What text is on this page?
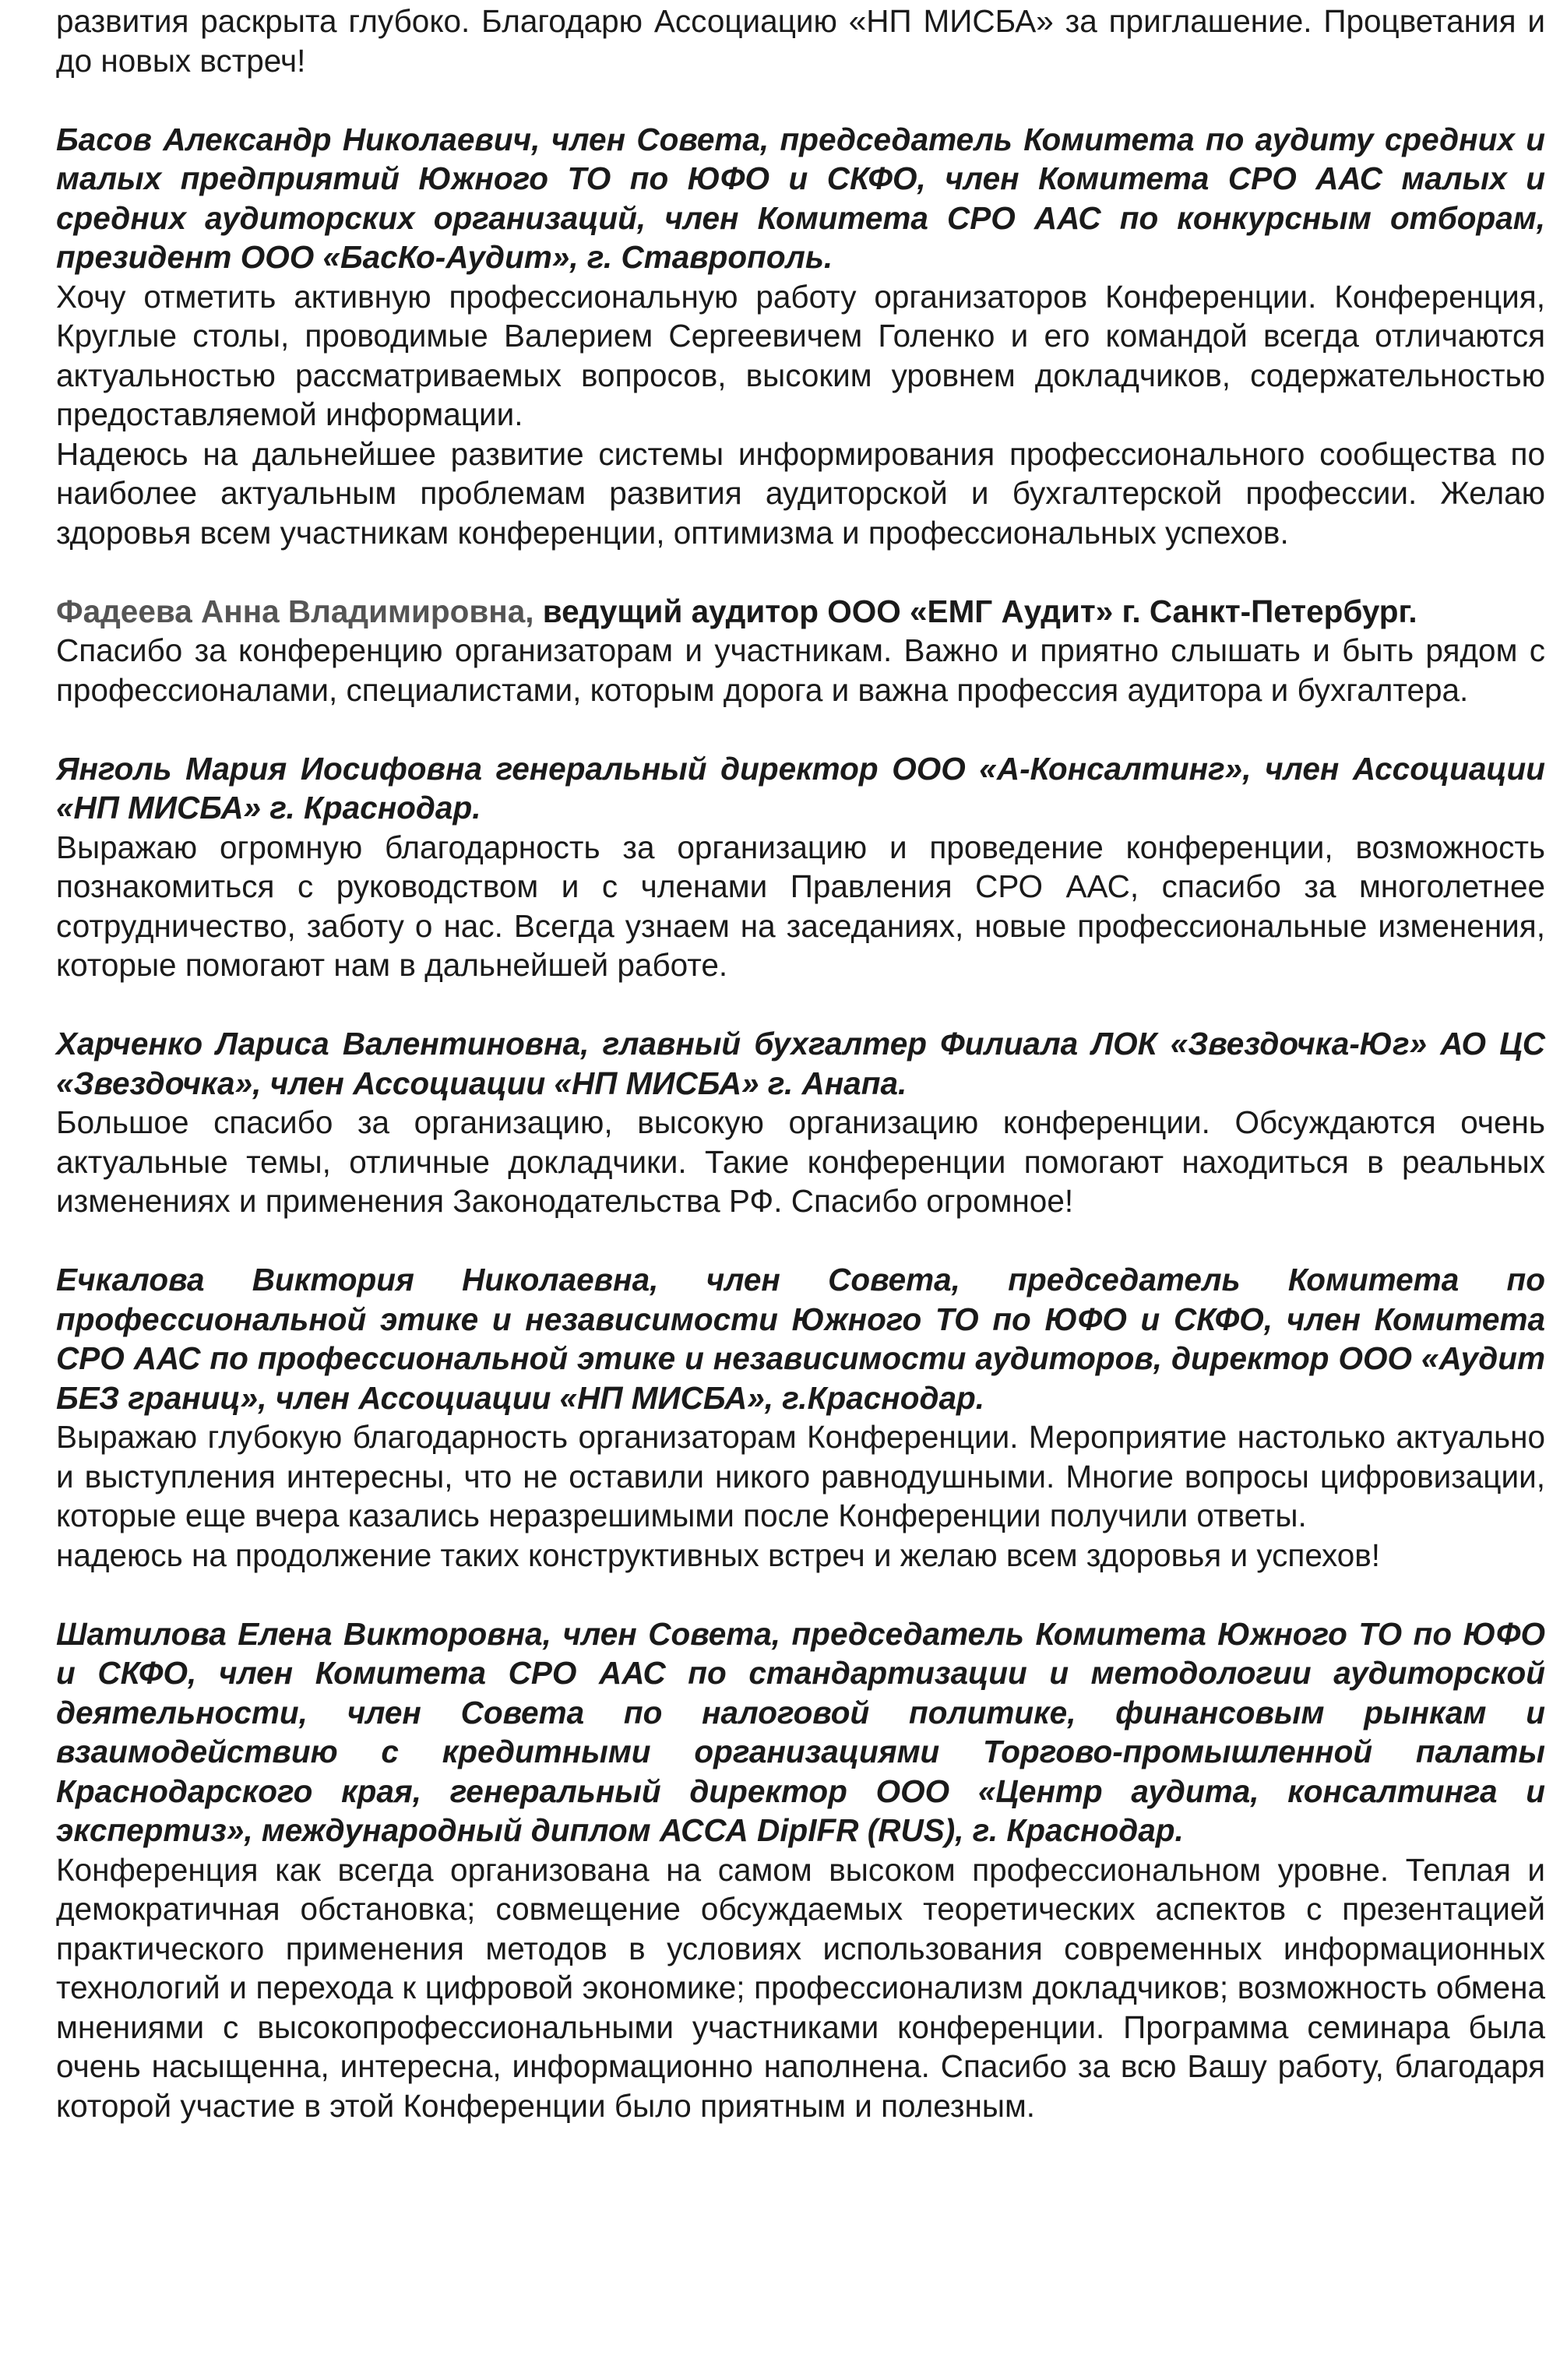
развития раскрыта глубоко. Благодарю Ассоциацию «НП МИСБА» за приглашение. Процветания и до новых встреч!

Басов Александр Николаевич, член Совета, председатель Комитета по аудиту средних и малых предприятий Южного ТО по ЮФО и СКФО, член Комитета СРО ААС малых и средних аудиторских организаций, член Комитета СРО ААС по конкурсным отборам, президент ООО «БасКо-Аудит», г. Ставрополь.

Хочу отметить активную профессиональную работу организаторов Конференции. Конференция, Круглые столы, проводимые Валерием Сергеевичем Голенко и его командой всегда отличаются актуальностью рассматриваемых вопросов, высоким уровнем докладчиков, содержательностью предоставляемой информации.

Надеюсь на дальнейшее развитие системы информирования профессионального сообщества по наиболее актуальным проблемам развития аудиторской и бухгалтерской профессии. Желаю здоровья всем участникам конференции, оптимизма и профессиональных успехов.

Фадеева Анна Владимировна, ведущий аудитор ООО «ЕМГ Аудит» г. Санкт-Петербург.

Спасибо за конференцию организаторам и участникам. Важно и приятно слышать и быть рядом с профессионалами, специалистами, которым дорога и важна профессия аудитора и бухгалтера.

Янголь Мария Иосифовна генеральный директор ООО «А-Консалтинг», член Ассоциации «НП МИСБА» г. Краснодар.

Выражаю огромную благодарность за организацию и проведение конференции, возможность познакомиться с руководством и с членами Правления СРО ААС, спасибо за многолетнее сотрудничество, заботу о нас. Всегда узнаем на заседаниях, новые профессиональные изменения, которые помогают нам в дальнейшей работе.

Харченко Лариса Валентиновна, главный бухгалтер Филиала ЛОК «Звездочка-Юг» АО ЦС «Звездочка», член Ассоциации «НП МИСБА» г. Анапа.

Большое спасибо за организацию, высокую организацию конференции. Обсуждаются очень актуальные темы, отличные докладчики. Такие конференции помогают находиться в реальных изменениях и применения Законодательства РФ. Спасибо огромное!

Ечкалова Виктория Николаевна, член Совета, председатель Комитета по профессиональной этике и независимости Южного ТО по ЮФО и СКФО, член Комитета СРО ААС по профессиональной этике и независимости аудиторов, директор ООО «Аудит БЕЗ границ», член Ассоциации «НП МИСБА», г.Краснодар.

Выражаю глубокую благодарность организаторам Конференции. Мероприятие настолько актуально и выступления интересны, что не оставили никого равнодушными. Многие вопросы цифровизации, которые еще вчера казались неразрешимыми после Конференции получили ответы.

надеюсь на продолжение таких конструктивных встреч и желаю всем здоровья и успехов!

Шатилова Елена Викторовна, член Совета, председатель Комитета Южного ТО по ЮФО и СКФО, член Комитета СРО ААС по стандартизации и методологии аудиторской деятельности, член Совета по налоговой политике, финансовым рынкам и взаимодействию с кредитными организациями Торгово-промышленной палаты Краснодарского края, генеральный директор ООО «Центр аудита, консалтинга и экспертиз», международный диплом АССА DipIFR (RUS), г. Краснодар.

Конференция как всегда организована на самом высоком профессиональном уровне. Теплая и демократичная обстановка; совмещение обсуждаемых теоретических аспектов с презентацией практического применения методов в условиях использования современных информационных технологий и перехода к цифровой экономике; профессионализм докладчиков; возможность обмена мнениями с высокопрофессиональными участниками конференции. Программа семинара была очень насыщенна, интересна, информационно наполнена. Спасибо за всю Вашу работу, благодаря которой участие в этой Конференции было приятным и полезным.
